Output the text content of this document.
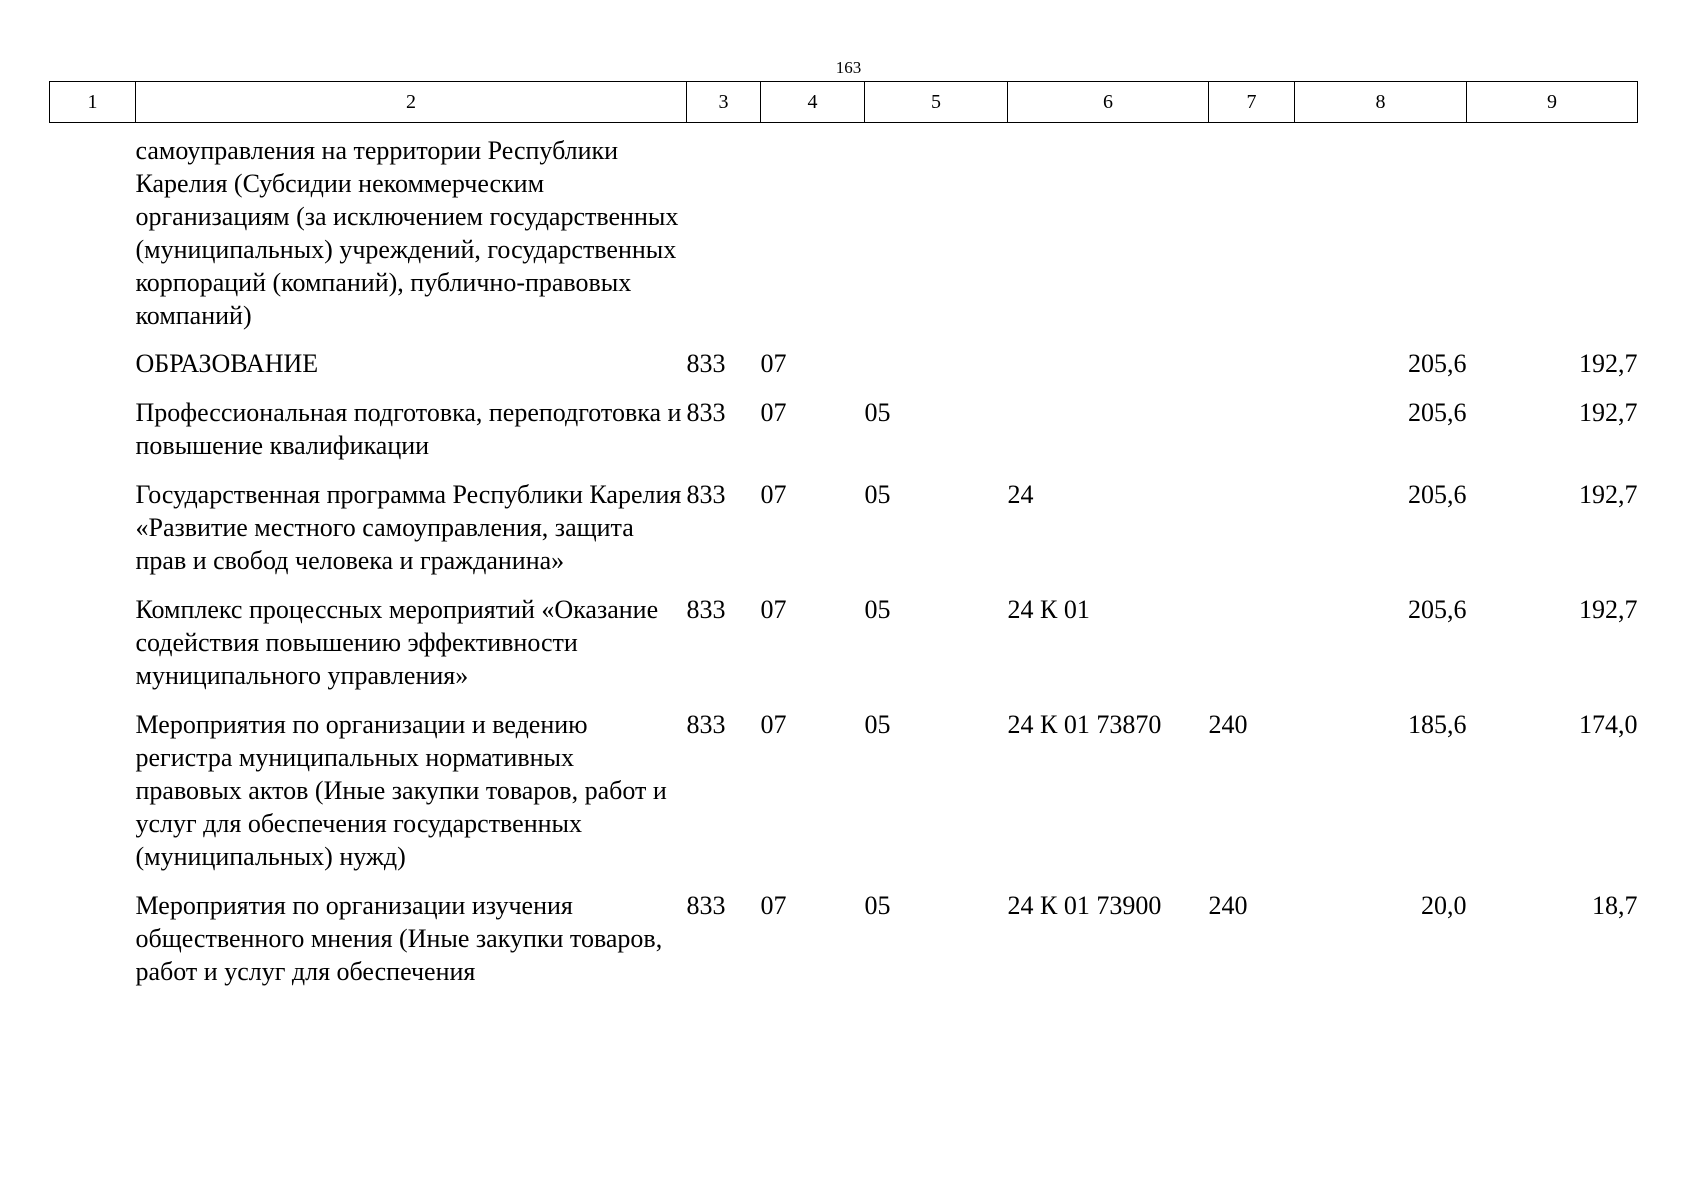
163
1	2	3	4	5	6	7	8	9
	самоуправления на территории Республики Карелия (Субсидии некоммерческим организациям (за исключением государственных (муниципальных) учреждений, государственных корпораций (компаний), публично-правовых компаний)							
	ОБРАЗОВАНИЕ	833	07				205,6	192,7
	Профессиональная подготовка, переподготовка и повышение квалификации	833	07	05			205,6	192,7
	Государственная программа Республики Карелия «Развитие местного самоуправления, защита прав и свобод человека и гражданина»	833	07	05	24		205,6	192,7
	Комплекс процессных мероприятий «Оказание содействия повышению эффективности муниципального управления»	833	07	05	24 К 01		205,6	192,7
	Мероприятия по организации и ведению регистра муниципальных нормативных правовых актов (Иные закупки товаров, работ и услуг для обеспечения государственных (муниципальных) нужд)	833	07	05	24 К 01 73870	240	185,6	174,0
	Мероприятия по организации изучения общественного мнения (Иные закупки товаров, работ и услуг для обеспечения	833	07	05	24 К 01 73900	240	20,0	18,7
